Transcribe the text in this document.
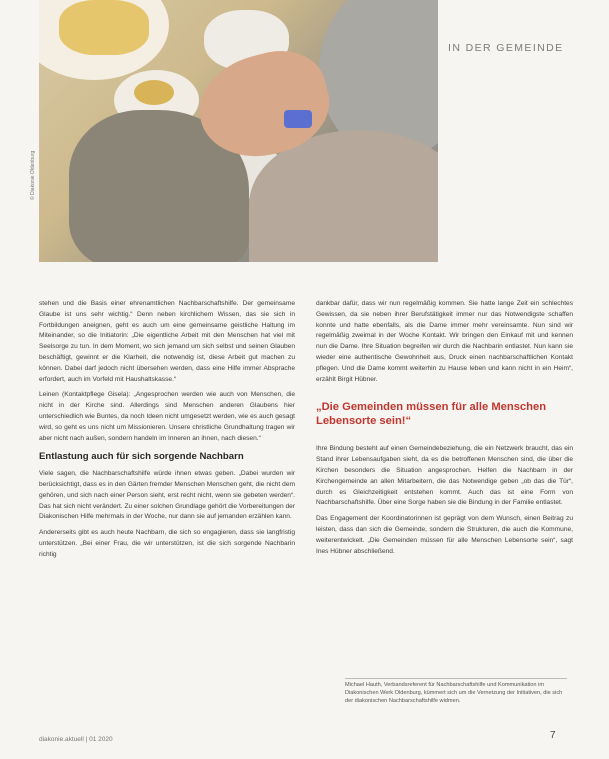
© Diakonie Oldenburg
IN DER GEMEINDE

stehen und die Basis einer ehrenamtlichen Nachbarschaftshilfe. Der gemeinsame Glaube ist uns sehr wichtig.“ Denn neben kirchlichem Wissen, das sie sich in Fortbildungen aneignen, geht es auch um eine gemeinsame geistliche Haltung im Miteinander, so die Initiatorin: „Die eigentliche Arbeit mit den Menschen hat viel mit Seelsorge zu tun. In dem Moment, wo sich jemand um sich selbst und seinen Glauben beschäftigt, gewinnt er die Klarheit, die notwendig ist, diese Arbeit gut machen zu können. Dabei darf jedoch nicht übersehen werden, dass eine Hilfe immer Absprache erfordert, auch im Vorfeld mit Haushaltskasse.“

Leinen (Kontaktpflege Gisela): „Angesprochen werden wie auch von Menschen, die nicht in der Kirche sind. Allerdings sind Menschen anderen Glaubens hier unterschiedlich wie Buntes, da noch Ideen nicht umgesetzt werden, wie es auch gesagt wird, so geht es uns nicht um Missionieren. Unsere christliche Grundhaltung tragen wir aber nicht nach außen, sondern handeln im Inneren an ihnen, nach diesen.“

Entlastung auch für sich sorgende Nachbarn

Viele sagen, die Nachbarschaftshilfe würde ihnen etwas geben. „Dabei wurden wir berücksichtigt, dass es in den Gärten fremder Menschen Menschen geht, die nicht dem gehören, und sich nach einer Person sieht, erst recht nicht, wenn sie gebeten werden“. Das hat sich nicht verändert. Zu einer solchen Grundlage gehört die Vorbereitungen der Diakonischen Hilfe mehrmals in der Woche, nur dann sie auf jemanden erzählen kann.

Andererseits gibt es auch heute Nachbarn, die sich so engagieren, dass sie langfristig unterstützen. „Bei einer Frau, die wir unterstützen, ist die sich sorgende Nachbarin richtig

dankbar dafür, dass wir nun regelmäßig kommen. Sie hatte lange Zeit ein schlechtes Gewissen, da sie neben ihrer Berufstätigkeit immer nur das Notwendigste schaffen konnte und hatte ebenfalls, als die Dame immer mehr vereinsamte. Nun sind wir regelmäßig zweimal in der Woche Kontakt. Wir bringen den Einkauf mit und kennen nun die Dame. Ihre Situation begreifen wir durch die Nachbarin entlastet. Nun kann sie wieder eine authentische Gewohnheit aus, Druck einen nachbarschaftlichen Kontakt pflegen. Und die Dame kommt weiterhin zu Hause leben und kann nicht in ein Heim“, erzählt Birgit Hübner.

„Die Gemeinden müssen für alle Menschen Lebensorte sein!“

Ihre Bindung besteht auf einen Gemeindebeziehung, die ein Netzwerk braucht, das ein Stand ihrer Lebensaufgaben sieht, da es die betroffenen Menschen sind, die über die Kirchen besonders die Situation angesprochen. Helfen die Nachbarn in der Kirchengemeinde an allen Mitarbeitern, die das Notwendige geben „ob das die Tür“, durch es Gleichzeitigkeit entstehen kommt. Auch das ist eine Form von Nachbarschaftshilfe. Über eine Sorge haben sie die Bindung in der Familie entlastet.

Das Engagement der Koordinatorinnen ist geprägt von dem Wunsch, einen Beitrag zu leisten, dass dan sich die Gemeinde, sondern die Strukturen, die auch die Kommune, weiterentwickelt. „Die Gemeinden müssen für alle Menschen Lebensorte sein“, sagt Ines Hübner abschließend.

Michael Hauth, Verbandsreferent für Nachbarschaftshilfe und Kommunikation im Diakonischen Werk Oldenburg, kümmert sich um die Vernetzung der Initiativen, die sich der diakonischen Nachbarschaftshilfe widmen.
diakonie.aktuell | 01 2020	7
